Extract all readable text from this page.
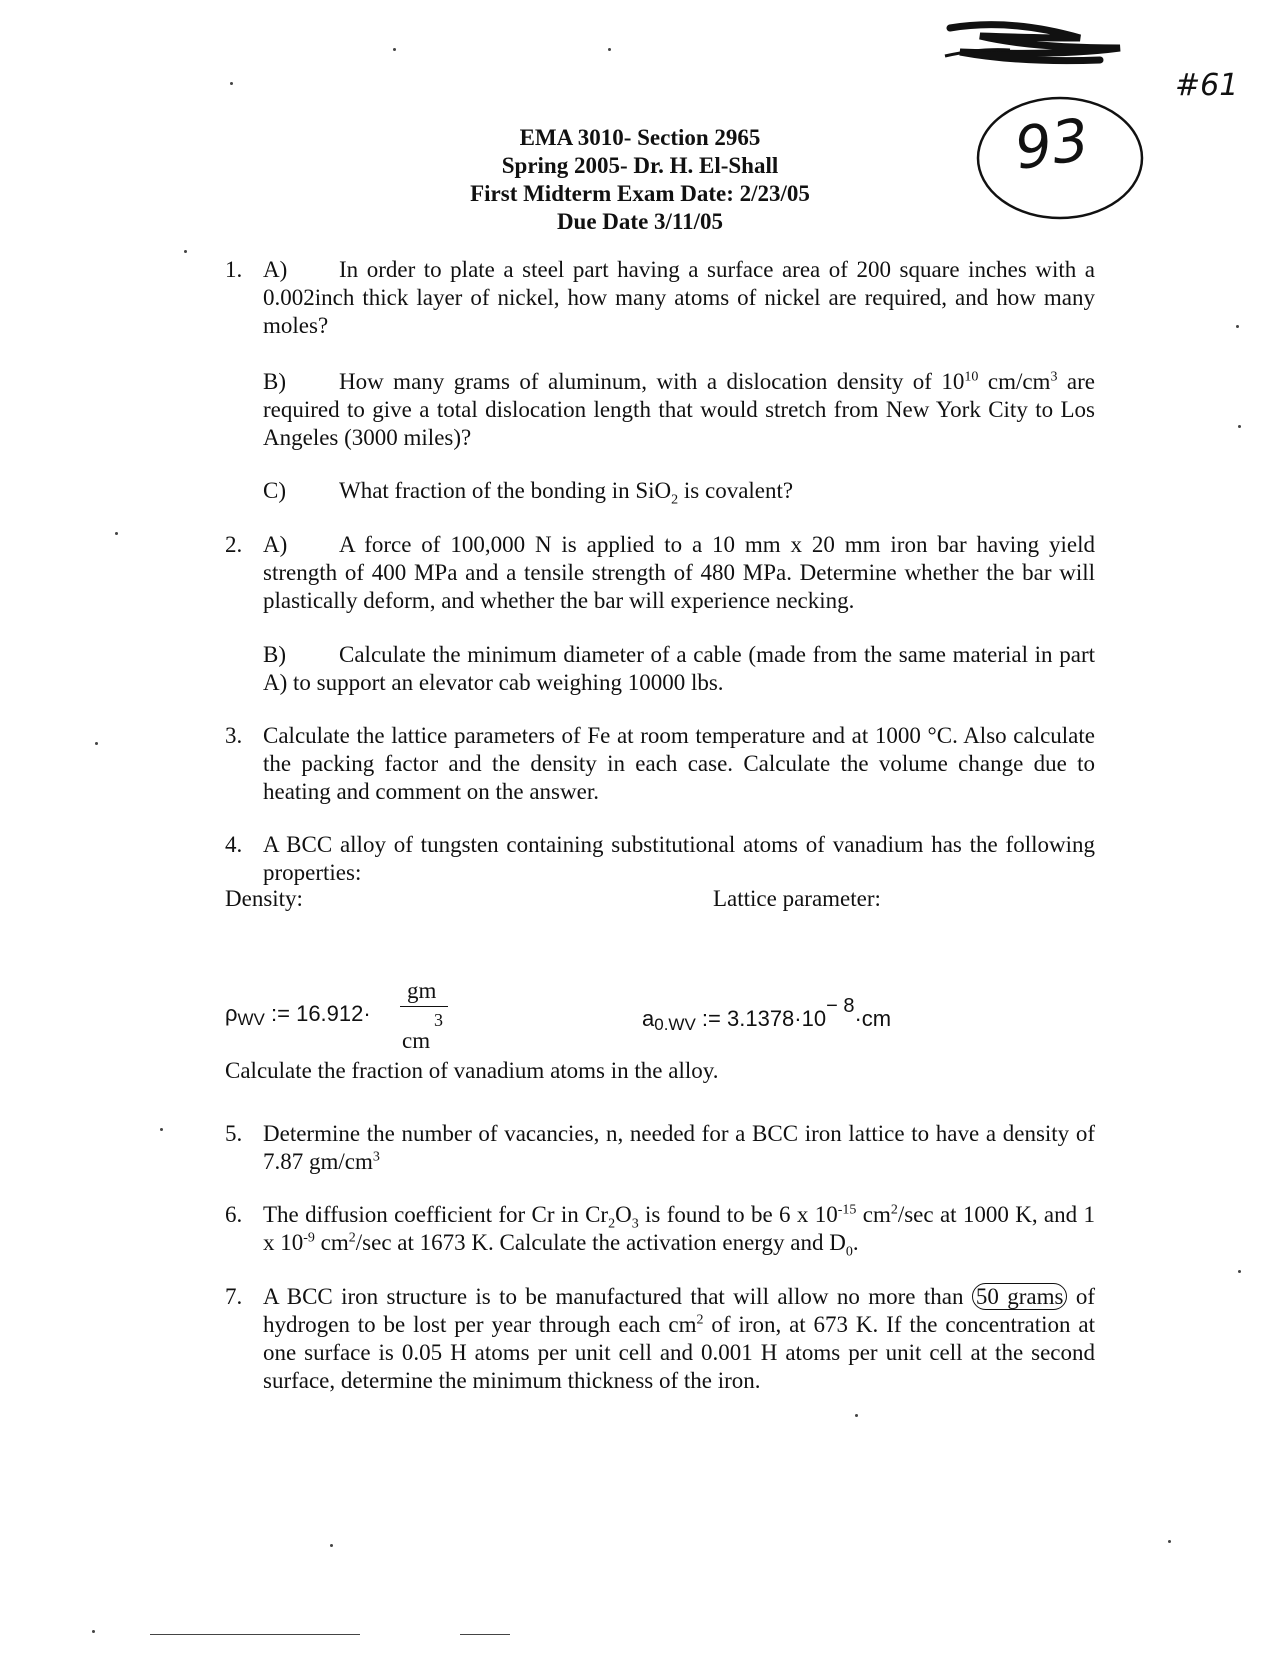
EMA 3010- Section 2965
Spring 2005- Dr. H. El-Shall
First Midterm Exam Date: 2/23/05
Due Date 3/11/05
93
#61
1. A) In order to plate a steel part having a surface area of 200 square inches with a 0.002inch thick layer of nickel, how many atoms of nickel are required, and how many moles?
B) How many grams of aluminum, with a dislocation density of $10^{10}$ $cm/cm^3$ are required to give a total dislocation length that would stretch from New York City to Los Angeles (3000 miles)?
C) What fraction of the bonding in SiO$_2$ is covalent?
2. A) A force of 100,000 N is applied to a 10 mm x 20 mm iron bar having yield strength of 400 MPa and a tensile strength of 480 MPa. Determine whether the bar will plastically deform, and whether the bar will experience necking.
B) Calculate the minimum diameter of a cable (made from the same material in part A) to support an elevator cab weighing 10000 lbs.
3. Calculate the lattice parameters of Fe at room temperature and at 1000 °C. Also calculate the packing factor and the density in each case. Calculate the volume change due to heating and comment on the answer.
4. A BCC alloy of tungsten containing substitutional atoms of vanadium has the following properties:
Density:	Lattice parameter:
ρWV := 16.912·
gm
cm
3	a0.WV := 3.1378·10− 8·cm
Calculate the fraction of vanadium atoms in the alloy.
5. Determine the number of vacancies, n, needed for a BCC iron lattice to have a density of 7.87 $gm/cm^3$
6. The diffusion coefficient for Cr in $Cr_2O_3$ is found to be 6 x $10^{-15}$ $cm^2/\sec$ at 1000 K, and 1 x $10^{-9}$ $cm^2/\sec$ at 1673 K. Calculate the activation energy and $D_0$.
7. A BCC iron structure is to be manufactured that will allow no more than 50 grams of hydrogen to be lost per year through each $cm^2$ of iron, at 673 K. If the concentration at one surface is 0.05 H atoms per unit cell and 0.001 H atoms per unit cell at the second surface, determine the minimum thickness of the iron.
